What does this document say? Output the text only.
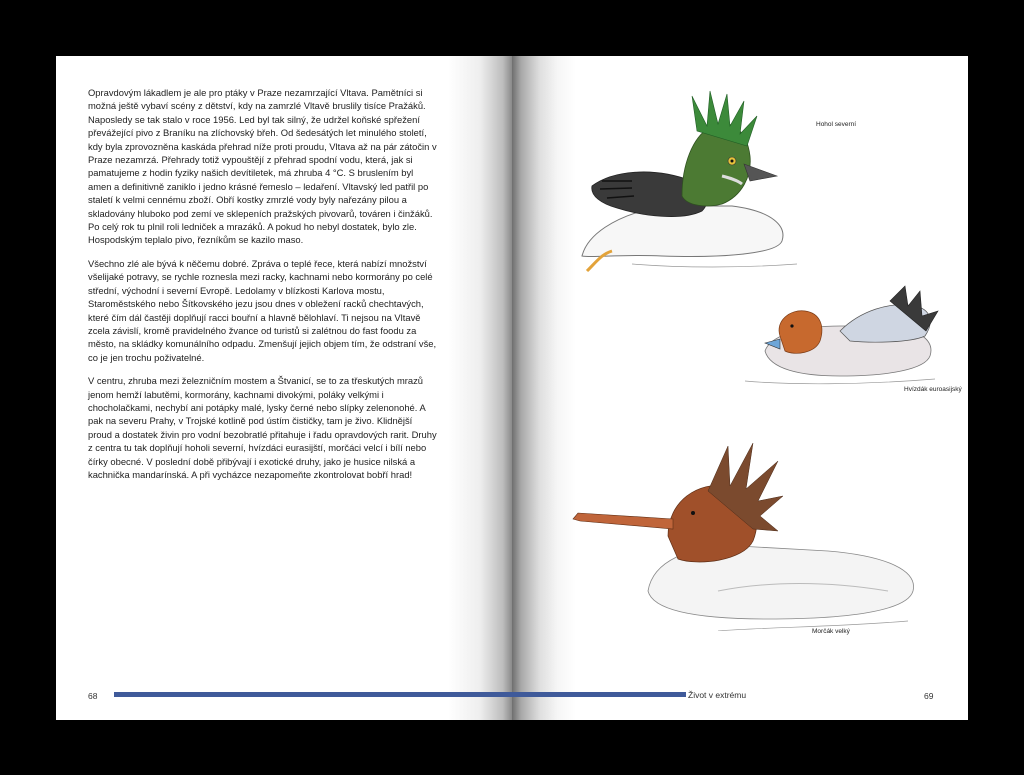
Opravdovým lákadlem je ale pro ptáky v Praze nezamrzající Vltava. Pamětníci si možná ještě vybaví scény z dětství, kdy na zamrzlé Vltavě bruslily tisíce Pražáků. Naposledy se tak stalo v roce 1956. Led byl tak silný, že udržel koňské spřežení převážející pivo z Braníku na zlíchovský břeh. Od šedesátých let minulého století, kdy byla zprovozněna kaskáda přehrad níže proti proudu, Vltava až na pár zátočin v Praze nezamrzá. Přehrady totiž vypouštějí z přehrad spodní vodu, která, jak si pamatujeme z hodin fyziky našich devítiletek, má zhruba 4 °C. S bruslením byl amen a definitivně zaniklo i jedno krásné řemeslo – ledaření. Vltavský led patřil po staletí k velmi cennému zboží. Obří kostky zmrzlé vody byly nařezány pilou a skladovány hluboko pod zemí ve sklepeních pražských pivovarů, továren i činžáků. Po celý rok tu plnil roli ledniček a mrazáků. A pokud ho nebyl dostatek, bylo zle. Hospodským teplalo pivo, řezníkům se kazilo maso.

Všechno zlé ale bývá k něčemu dobré. Zpráva o teplé řece, která nabízí množství všelijaké potravy, se rychle roznesla mezi racky, kachnami nebo kormorány po celé střední, východní i severní Evropě. Ledolamy v blízkosti Karlova mostu, Staroměstského nebo Šítkovského jezu jsou dnes v obležení racků chechtavých, které čím dál častěji doplňují racci bouřní a hlavně bělohlaví. Ti nejsou na Vltavě zcela závislí, kromě pravidelného žvance od turistů si zalétnou do fast foodu za město, na skládky komunálního odpadu. Zmenšují jejich objem tím, že odstraní vše, co je jen trochu poživatelné.

V centru, zhruba mezi železničním mostem a Štvanicí, se to za třeskutých mrazů jenom hemží labutěmi, kormorány, kachnami divokými, poláky velkými i chocholačkami, nechybí ani potápky malé, lysky černé nebo slípky zelenonohé. A pak na severu Prahy, v Trojské kotlině pod ústím čističky, tam je živo. Klidnější proud a dostatek živin pro vodní bezobratlé přitahuje i řadu opravdových rarit. Druhy z centra tu tak doplňují hoholi severní, hvízdáci eurasijští, morčáci velcí i bílí nebo čírky obecné. V poslední době přibývají i exotické druhy, jako je husice nilská a kachnička mandarínská. A při vycházce nezapomeňte zkontrolovat bobří hrad!

68
Hohol severní
Hvízdák euroasijský
Morčák velký
69
Život v extrému
